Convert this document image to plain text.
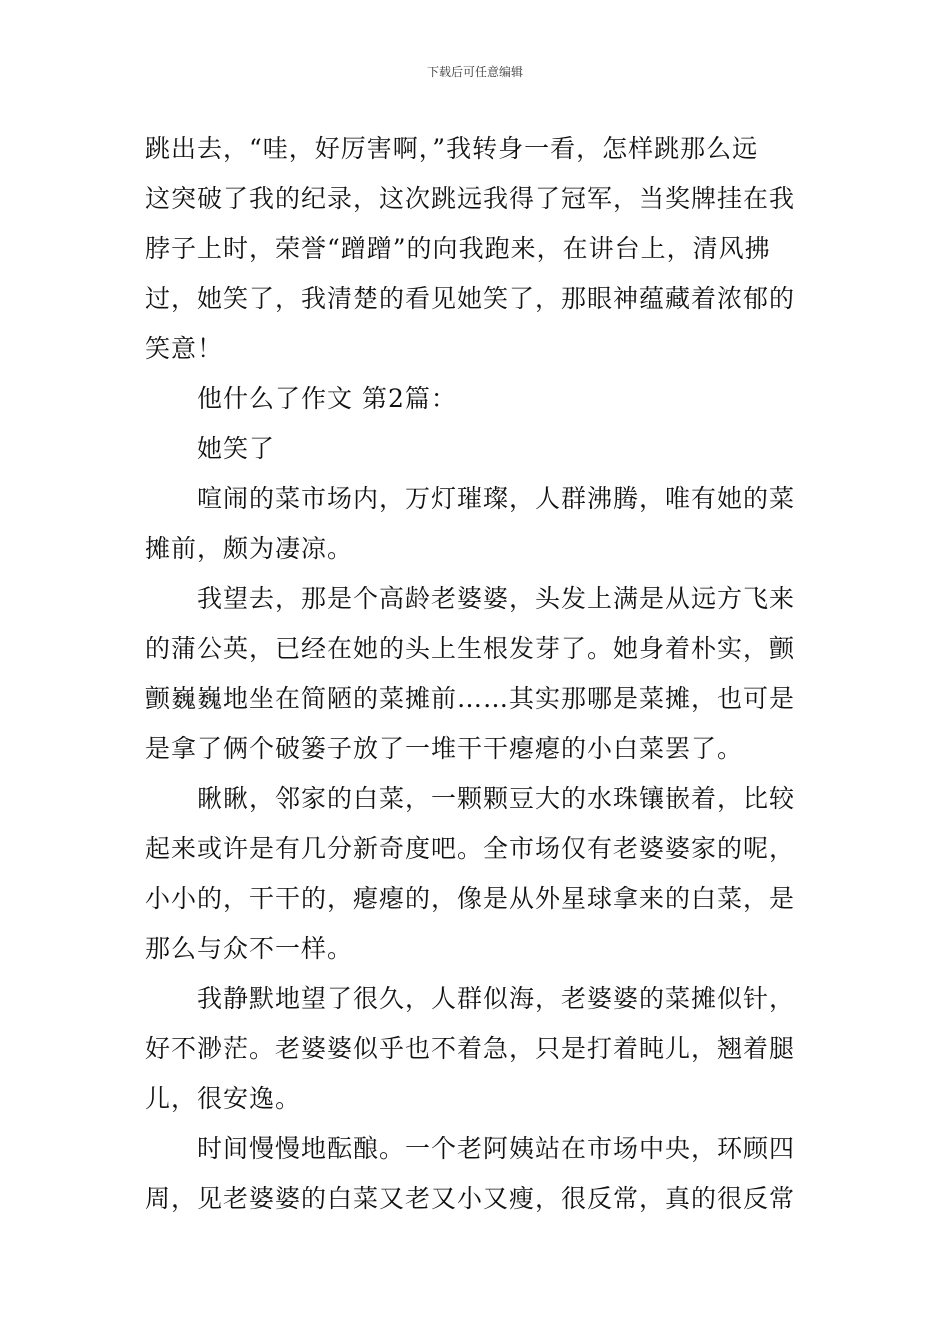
下载后可任意编辑
跳出去，“哇，好厉害啊，”我转身一看，怎样跳那么远
这突破了我的纪录，这次跳远我得了冠军，当奖牌挂在我
脖子上时，荣誉“蹭蹭”的向我跑来，在讲台上，清风拂
过，她笑了，我清楚的看见她笑了，那眼神蕴藏着浓郁的
笑意！
他什么了作文 第2篇：
她笑了
喧闹的菜市场内，万灯璀璨，人群沸腾，唯有她的菜
摊前，颇为凄凉。
我望去，那是个高龄老婆婆，头发上满是从远方飞来
的蒲公英，已经在她的头上生根发芽了。她身着朴实，颤
颤巍巍地坐在简陋的菜摊前……其实那哪是菜摊，也可是
是拿了俩个破篓子放了一堆干干瘪瘪的小白菜罢了。
瞅瞅，邻家的白菜，一颗颗豆大的水珠镶嵌着，比较
起来或许是有几分新奇度吧。全市场仅有老婆婆家的呢，
小小的，干干的，瘪瘪的，像是从外星球拿来的白菜，是
那么与众不一样。
我静默地望了很久，人群似海，老婆婆的菜摊似针，
好不渺茫。老婆婆似乎也不着急，只是打着盹儿，翘着腿
儿，很安逸。
时间慢慢地酝酿。一个老阿姨站在市场中央，环顾四
周，见老婆婆的白菜又老又小又瘦，很反常，真的很反常
